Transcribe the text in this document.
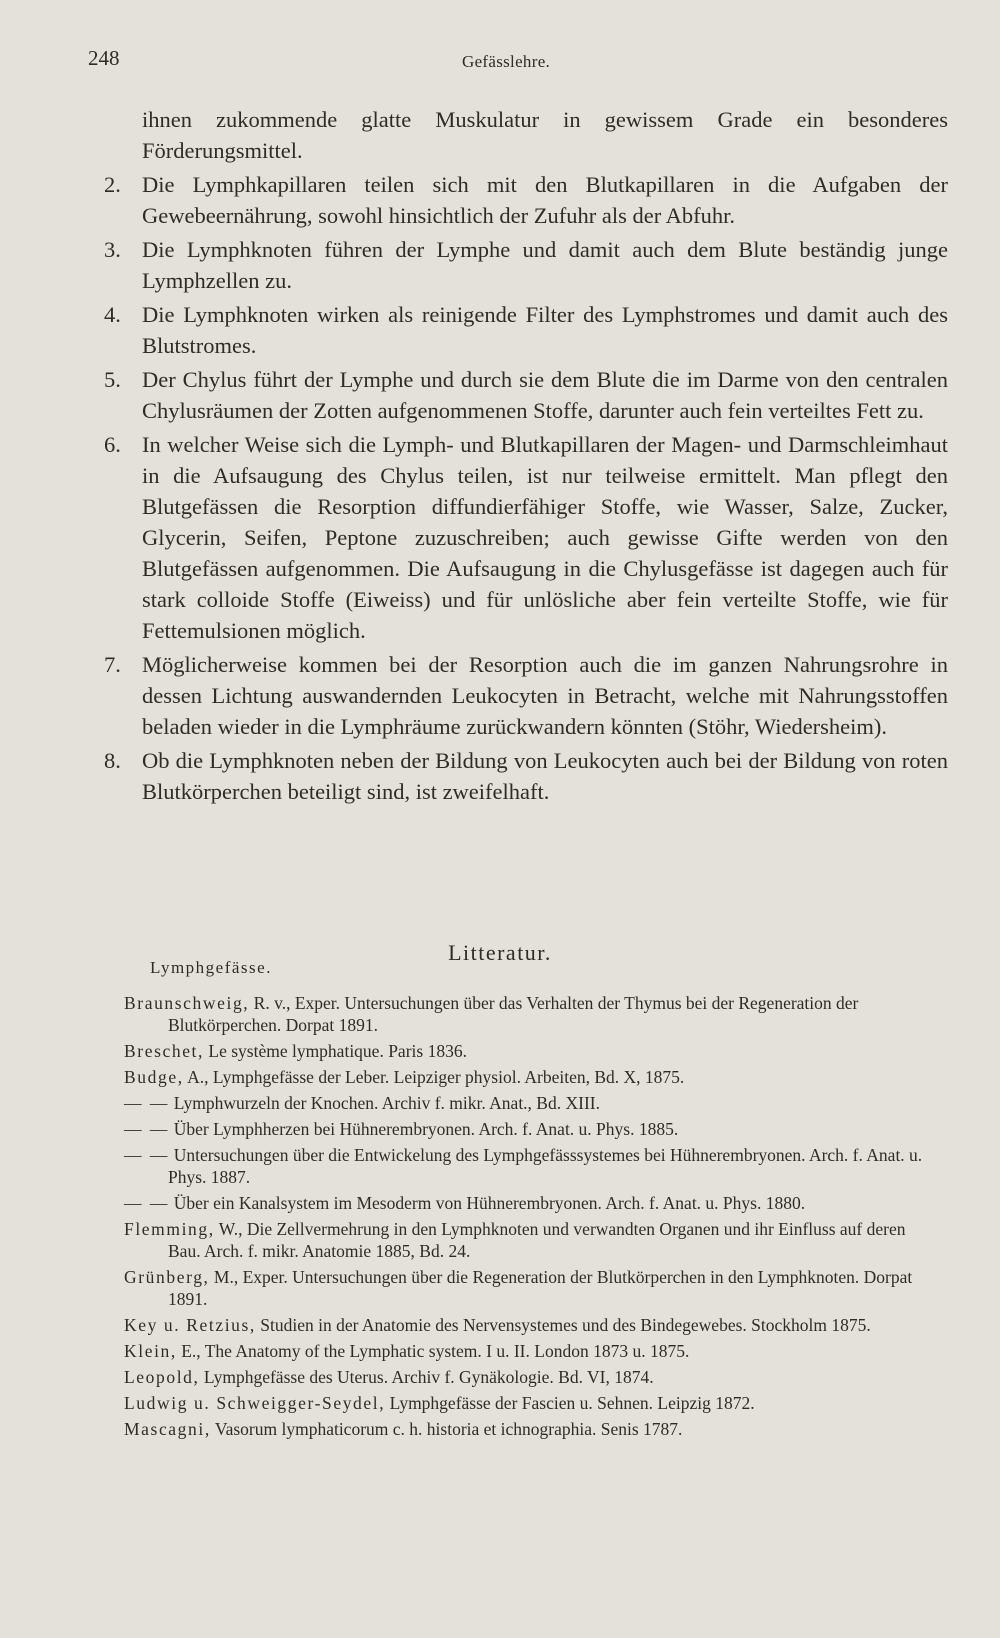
248	Gefässlehre.

ihnen zukommende glatte Muskulatur in gewissem Grade ein besonderes Förderungsmittel.

2. Die Lymphkapillaren teilen sich mit den Blutkapillaren in die Aufgaben der Gewebeernährung, sowohl hinsichtlich der Zufuhr als der Abfuhr.

3. Die Lymphknoten führen der Lymphe und damit auch dem Blute beständig junge Lymphzellen zu.

4. Die Lymphknoten wirken als reinigende Filter des Lymphstromes und damit auch des Blutstromes.

5. Der Chylus führt der Lymphe und durch sie dem Blute die im Darme von den centralen Chylusräumen der Zotten aufgenommenen Stoffe, darunter auch fein verteiltes Fett zu.

6. In welcher Weise sich die Lymph- und Blutkapillaren der Magen- und Darmschleimhaut in die Aufsaugung des Chylus teilen, ist nur teilweise ermittelt. Man pflegt den Blutgefässen die Resorption diffundierfähiger Stoffe, wie Wasser, Salze, Zucker, Glycerin, Seifen, Peptone zuzuschreiben; auch gewisse Gifte werden von den Blutgefässen aufgenommen. Die Aufsaugung in die Chylusgefässe ist dagegen auch für stark colloide Stoffe (Eiweiss) und für unlösliche aber fein verteilte Stoffe, wie für Fettemulsionen möglich.

7. Möglicherweise kommen bei der Resorption auch die im ganzen Nahrungsrohre in dessen Lichtung auswandernden Leukocyten in Betracht, welche mit Nahrungsstoffen beladen wieder in die Lymphräume zurückwandern könnten (Stöhr, Wiedersheim).

8. Ob die Lymphknoten neben der Bildung von Leukocyten auch bei der Bildung von roten Blutkörperchen beteiligt sind, ist zweifelhaft.

Litteratur.
Lymphgefässe.

Braunschweig, R. v., Exper. Untersuchungen über das Verhalten der Thymus bei der Regeneration der Blutkörperchen. Dorpat 1891.

Breschet, Le système lymphatique. Paris 1836.

Budge, A., Lymphgefässe der Leber. Leipziger physiol. Arbeiten, Bd. X, 1875.

— — Lymphwurzeln der Knochen. Archiv f. mikr. Anat., Bd. XIII.

— — Über Lymphherzen bei Hühnerembryonen. Arch. f. Anat. u. Phys. 1885.

— — Untersuchungen über die Entwickelung des Lymphgefässsystemes bei Hühnerembryonen. Arch. f. Anat. u. Phys. 1887.

— — Über ein Kanalsystem im Mesoderm von Hühnerembryonen. Arch. f. Anat. u. Phys. 1880.

Flemming, W., Die Zellvermehrung in den Lymphknoten und verwandten Organen und ihr Einfluss auf deren Bau. Arch. f. mikr. Anatomie 1885, Bd. 24.

Grünberg, M., Exper. Untersuchungen über die Regeneration der Blutkörperchen in den Lymphknoten. Dorpat 1891.

Key u. Retzius, Studien in der Anatomie des Nervensystemes und des Bindegewebes. Stockholm 1875.

Klein, E., The Anatomy of the Lymphatic system. I u. II. London 1873 u. 1875.

Leopold, Lymphgefässe des Uterus. Archiv f. Gynäkologie. Bd. VI, 1874.

Ludwig u. Schweigger-Seydel, Lymphgefässe der Fascien u. Sehnen. Leipzig 1872.

Mascagni, Vasorum lymphaticorum c. h. historia et ichnographia. Senis 1787.
